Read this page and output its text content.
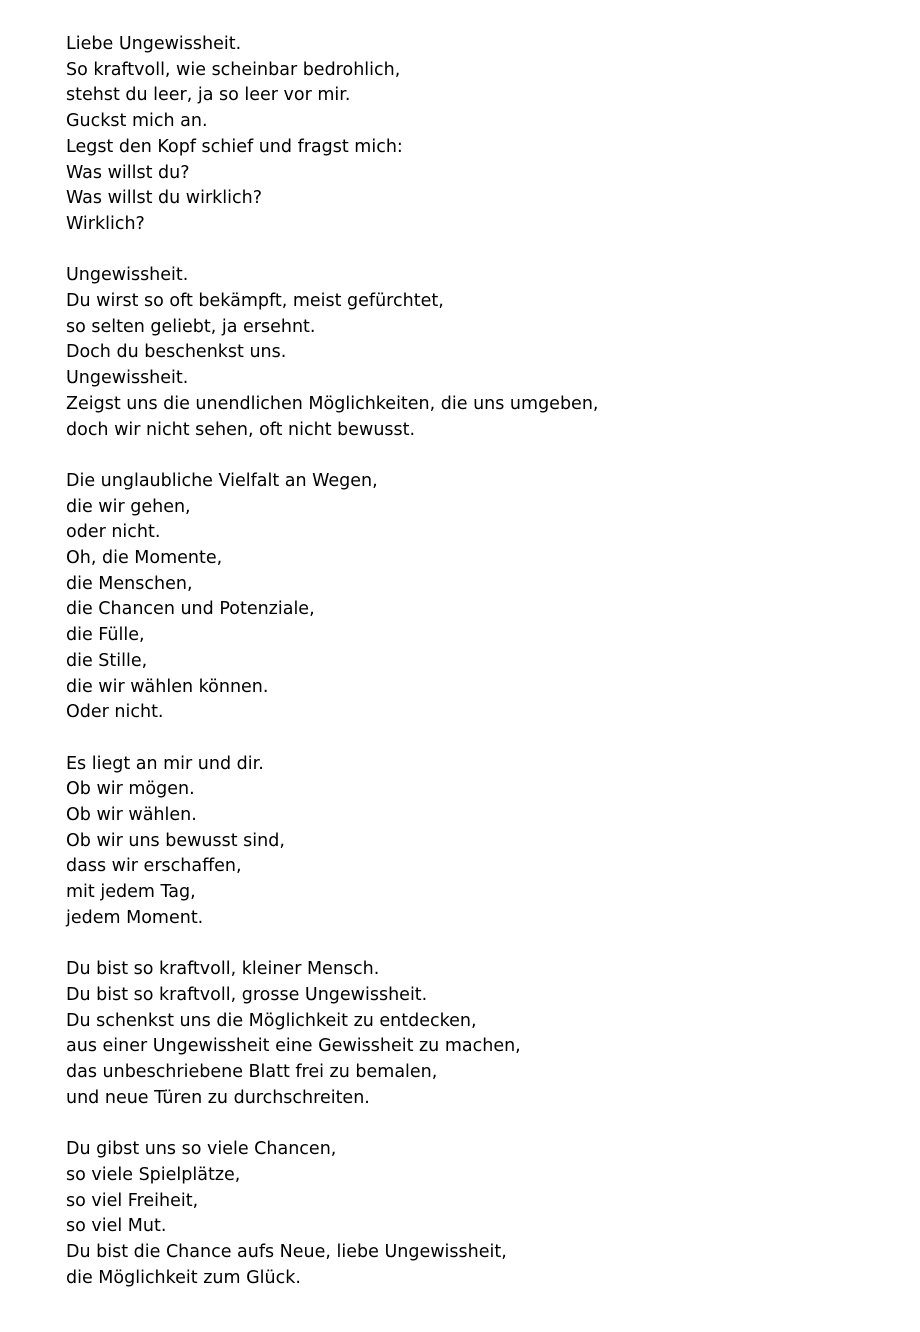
Liebe Ungewissheit.
So kraftvoll, wie scheinbar bedrohlich,
stehst du leer, ja so leer vor mir.
Guckst mich an.
Legst den Kopf schief und fragst mich:
Was willst du?
Was willst du wirklich?
Wirklich?
Ungewissheit.
Du wirst so oft bekämpft, meist gefürchtet,
so selten geliebt, ja ersehnt.
Doch du beschenkst uns.
Ungewissheit.
Zeigst uns die unendlichen Möglichkeiten, die uns umgeben,
doch wir nicht sehen, oft nicht bewusst.
Die unglaubliche Vielfalt an Wegen,
die wir gehen,
oder nicht.
Oh, die Momente,
die Menschen,
die Chancen und Potenziale,
die Fülle,
die Stille,
die wir wählen können.
Oder nicht.
Es liegt an mir und dir.
Ob wir mögen.
Ob wir wählen.
Ob wir uns bewusst sind,
dass wir erschaffen,
mit jedem Tag,
jedem Moment.
Du bist so kraftvoll, kleiner Mensch.
Du bist so kraftvoll, grosse Ungewissheit.
Du schenkst uns die Möglichkeit zu entdecken,
aus einer Ungewissheit eine Gewissheit zu machen,
das unbeschriebene Blatt frei zu bemalen,
und neue Türen zu durchschreiten.
Du gibst uns so viele Chancen,
so viele Spielplätze,
so viel Freiheit,
so viel Mut.
Du bist die Chance aufs Neue, liebe Ungewissheit,
die Möglichkeit zum Glück.
